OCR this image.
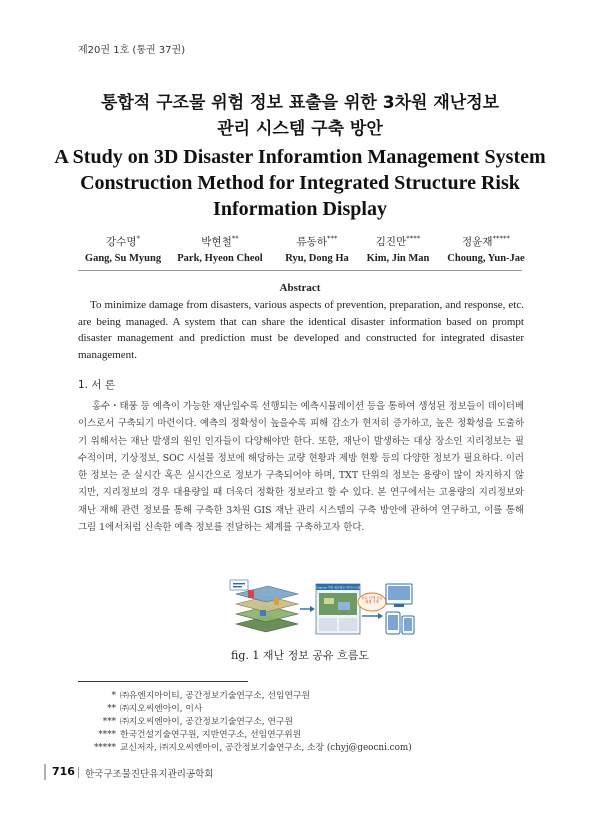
제20권 1호 (통권 37권)
통합적 구조물 위험 정보 표출을 위한 3차원 재난정보
관리 시스템 구축 방안
A Study on 3D Disaster Inforamtion Management System
Construction Method for Integrated Structure Risk
Information Display
강수명*
Gang, Su Myung
박현철**
Park, Hyeon Cheol
류동하***
Ryu, Dong Ha
김진만****
Kim, Jin Man
정윤재*****
Choung, Yun-Jae
Abstract
To minimize damage from disasters, various aspects of prevention, preparation, and response, etc. are being managed. A system that can share the identical disaster information based on prompt disaster management and prediction must be developed and constructed for integrated disaster management.
1. 서 론
홍수・태풍 등 예측이 가능한 재난일수록 선행되는 예측시뮬레이션 등을 통하여 생성된 정보들이 데이터베이스로서 구축되기 마련이다. 예측의 정확성이 높을수록 피해 감소가 현저히 증가하고, 높은 정확성을 도출하기 위해서는 재난 발생의 원인 인자들이 다양해야만 한다. 또한, 재난이 발생하는 대상 장소인 지리정보는 필수적이며, 기상정보, SOC 시설물 정보에 해당하는 교량 현황과 제방 현황 등의 다양한 정보가 필요하다. 이러한 정보는 준 실시간 혹은 실시간으로 정보가 구축되어야 하며, TXT 단위의 정보는 용량이 많이 차지하지 않지만, 지리정보의 경우 대용량일 때 더욱더 정확한 정보라고 할 수 있다. 본 연구에서는 고용량의 지리정보와 재난 재해 관련 정보를 통해 구축한 3차원 GIS 재난 관리 시스템의 구축 방안에 관하여 연구하고, 이를 통해 그림 1에서처럼 신속한 예측 정보를 전달하는 체계를 구축하고자 한다.
Cesium 기반 재난정보 관리시스템
공유 단계 공유 체계 구축
fig. 1 재난 정보 공유 흐름도
* ㈜유엔지아이티, 공간정보기술연구소, 선임연구원
** ㈜지오씨엔아이, 이사
*** ㈜지오씨엔아이, 공간정보기술연구소, 연구원
**** 한국건설기술연구원, 지반연구소, 선임연구위원
***** 교신저자, ㈜지오씨엔아이, 공간정보기술연구소, 소장 (chyj@geocni.com)
716 한국구조물진단유지관리공학회
